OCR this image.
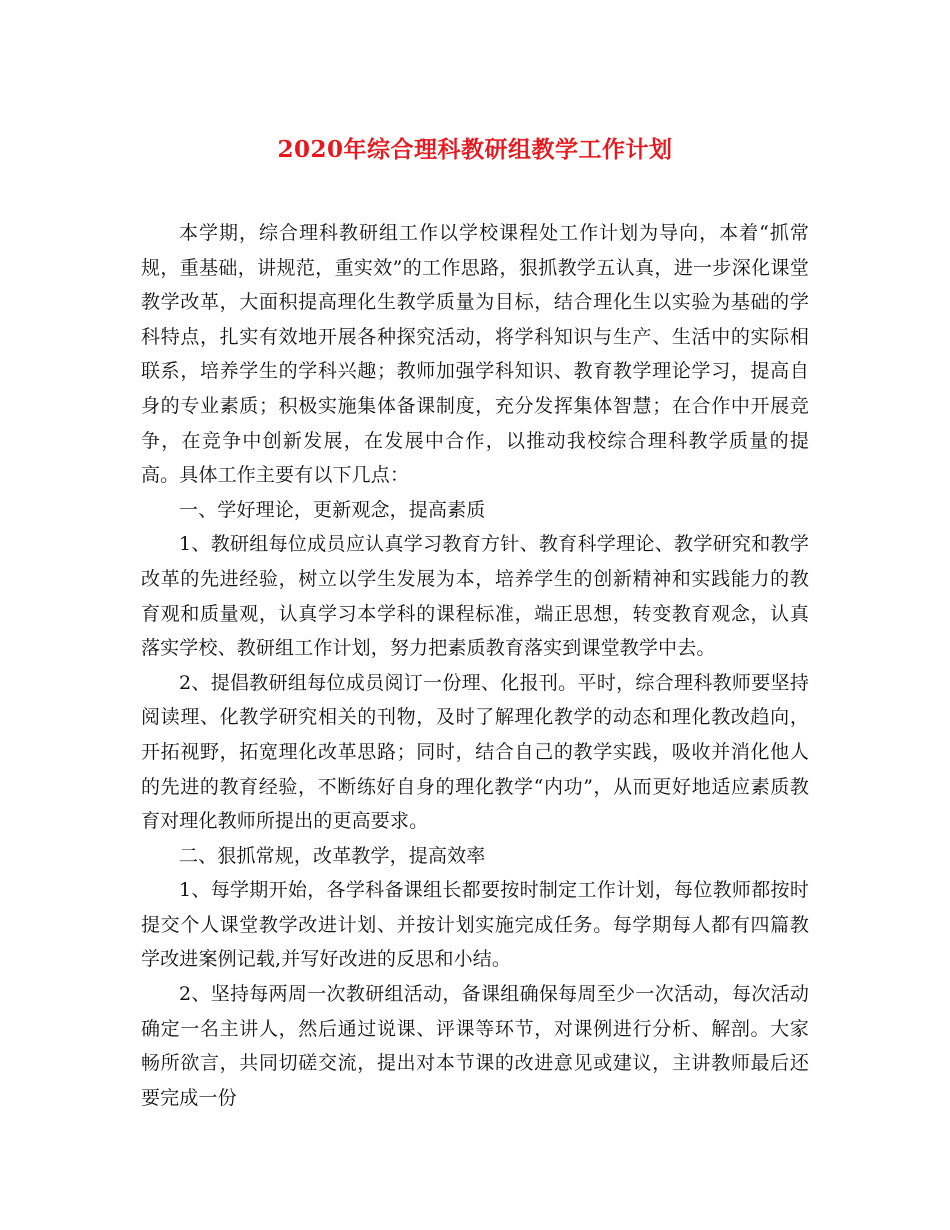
2020年综合理科教研组教学工作计划

本学期，综合理科教研组工作以学校课程处工作计划为导向，本着“抓常规，重基础，讲规范，重实效”的工作思路，狠抓教学五认真，进一步深化课堂教学改革，大面积提高理化生教学质量为目标，结合理化生以实验为基础的学科特点，扎实有效地开展各种探究活动，将学科知识与生产、生活中的实际相联系，培养学生的学科兴趣；教师加强学科知识、教育教学理论学习，提高自身的专业素质；积极实施集体备课制度，充分发挥集体智慧；在合作中开展竞争，在竞争中创新发展，在发展中合作，以推动我校综合理科教学质量的提高。具体工作主要有以下几点：

一、学好理论，更新观念，提高素质

1、教研组每位成员应认真学习教育方针、教育科学理论、教学研究和教学改革的先进经验，树立以学生发展为本，培养学生的创新精神和实践能力的教育观和质量观，认真学习本学科的课程标准，端正思想，转变教育观念，认真落实学校、教研组工作计划，努力把素质教育落实到课堂教学中去。

2、提倡教研组每位成员阅订一份理、化报刊。平时，综合理科教师要坚持阅读理、化教学研究相关的刊物，及时了解理化教学的动态和理化教改趋向，开拓视野，拓宽理化改革思路；同时，结合自己的教学实践，吸收并消化他人的先进的教育经验，不断练好自身的理化教学“内功”，从而更好地适应素质教育对理化教师所提出的更高要求。

二、狠抓常规，改革教学，提高效率

1、每学期开始，各学科备课组长都要按时制定工作计划，每位教师都按时提交个人课堂教学改进计划、并按计划实施完成任务。每学期每人都有四篇教学改进案例记载,并写好改进的反思和小结。

2、坚持每两周一次教研组活动，备课组确保每周至少一次活动，每次活动确定一名主讲人，然后通过说课、评课等环节，对课例进行分析、解剖。大家畅所欲言，共同切磋交流，提出对本节课的改进意见或建议，主讲教师最后还要完成一份
